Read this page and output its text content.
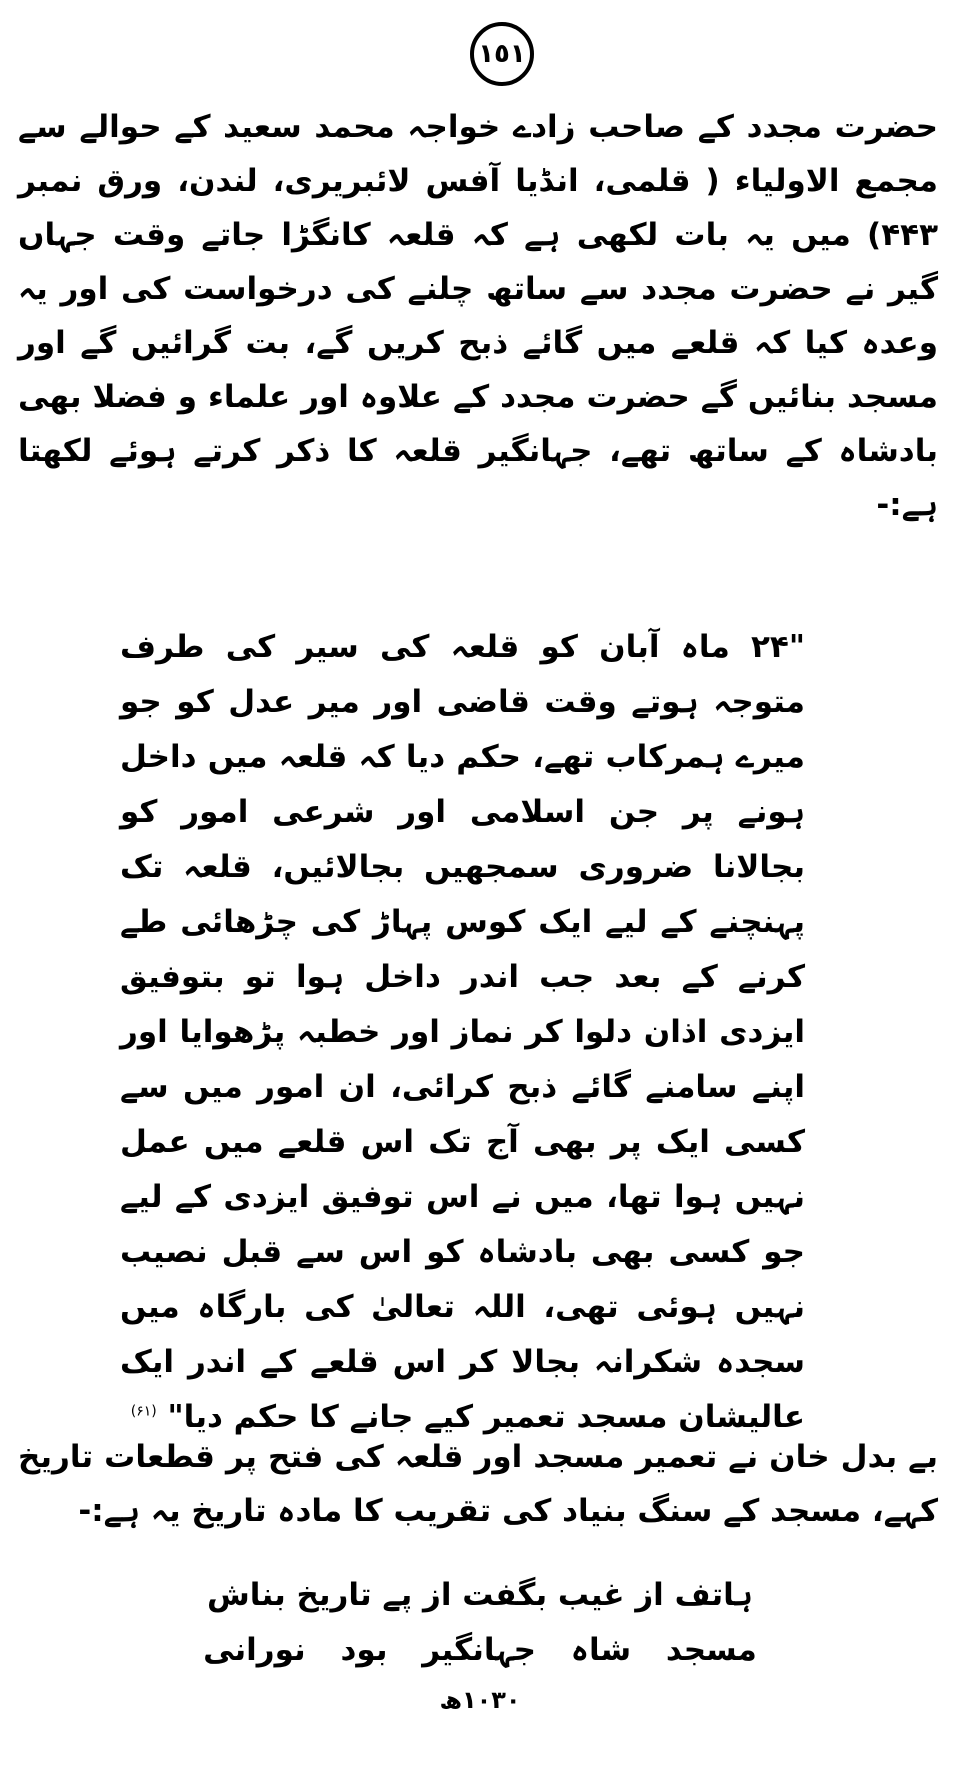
١٥١

حضرت مجدد کے صاحب زادے خواجہ محمد سعید کے حوالے سے مجمع الاولیاء ( قلمی، انڈیا آفس لائبریری، لندن، ورق نمبر ۴۴۳) میں یہ بات لکھی ہے کہ قلعہ کانگڑا جاتے وقت جہاں گیر نے حضرت مجدد سے ساتھ چلنے کی درخواست کی اور یہ وعدہ کیا کہ قلعے میں گائے ذبح کریں گے، بت گرائیں گے اور مسجد بنائیں گے حضرت مجدد کے علاوہ اور علماء و فضلا بھی بادشاہ کے ساتھ تھے، جہانگیر قلعہ کا ذکر کرتے ہوئے لکھتا ہے:-

"۲۴ ماہ آبان کو قلعہ کی سیر کی طرف متوجہ ہوتے وقت قاضی اور میر عدل کو جو میرے ہمرکاب تھے، حکم دیا کہ قلعہ میں داخل ہونے پر جن اسلامی اور شرعی امور کو بجالانا ضروری سمجھیں بجالائیں، قلعہ تک پہنچنے کے لیے ایک کوس پہاڑ کی چڑھائی طے کرنے کے بعد جب اندر داخل ہوا تو بتوفیق ایزدی اذان دلوا کر نماز اور خطبہ پڑھوایا اور اپنے سامنے گائے ذبح کرائی، ان امور میں سے کسی ایک پر بھی آج تک اس قلعے میں عمل نہیں ہوا تھا، میں نے اس توفیق ایزدی کے لیے جو کسی بھی بادشاہ کو اس سے قبل نصیب نہیں ہوئی تھی، اللہ تعالیٰ کی بارگاہ میں سجدہ شکرانہ بجالا کر اس قلعے کے اندر ایک عالیشان مسجد تعمیر کیے جانے کا حکم دیا" $^{(۶۱)}$

بے بدل خان نے تعمیر مسجد اور قلعہ کی فتح پر قطعات تاریخ کہے، مسجد کے سنگ بنیاد کی تقریب کا مادہ تاریخ یہ ہے:-

ہاتف از غیب بگفت از پے تاریخ بناش

مسجد شاہ جہانگیر بود نورانی

۱۰۳۰ھ
